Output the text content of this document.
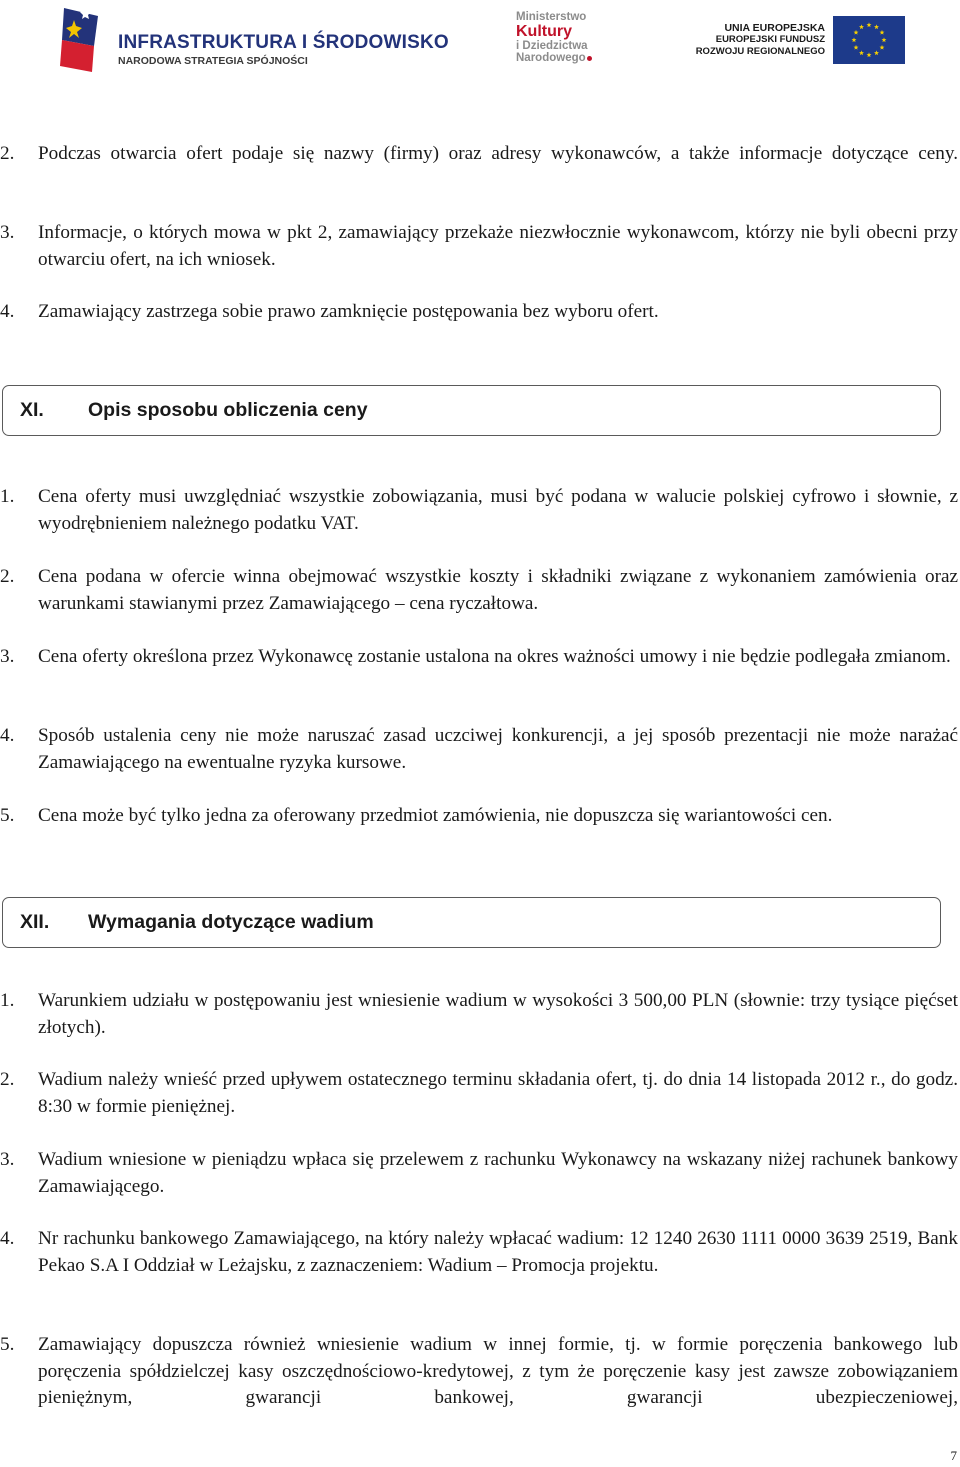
INFRASTRUKTURA I ŚRODOWISKO
NARODOWA STRATEGIA SPÓJNOŚCI
Ministerstwo
Kultury
i Dziedzictwa
Narodowego
UNIA EUROPEJSKA
EUROPEJSKI FUNDUSZ
ROZWOJU REGIONALNEGO
2. Podczas otwarcia ofert podaje się nazwy (firmy) oraz adresy wykonawców, a także informacje dotyczące ceny.
3. Informacje, o których mowa w pkt 2, zamawiający przekaże niezwłocznie wykonawcom, którzy nie byli obecni przy otwarciu ofert, na ich wniosek.
4. Zamawiający zastrzega sobie prawo zamknięcie postępowania bez wyboru ofert.
XI. Opis sposobu obliczenia ceny
1. Cena oferty musi uwzględniać wszystkie zobowiązania, musi być podana w walucie polskiej cyfrowo i słownie, z wyodrębnieniem należnego podatku VAT.
2. Cena podana w ofercie winna obejmować wszystkie koszty i składniki związane z wykonaniem zamówienia oraz warunkami stawianymi przez Zamawiającego – cena ryczałtowa.
3. Cena oferty określona przez Wykonawcę zostanie ustalona na okres ważności umowy i nie będzie podlegała zmianom.
4. Sposób ustalenia ceny nie może naruszać zasad uczciwej konkurencji, a jej sposób prezentacji nie może narażać Zamawiającego na ewentualne ryzyka kursowe.
5. Cena może być tylko jedna za oferowany przedmiot zamówienia, nie dopuszcza się wariantowości cen.
XII. Wymagania dotyczące wadium
1. Warunkiem udziału w postępowaniu jest wniesienie wadium w wysokości 3 500,00 PLN (słownie: trzy tysiące pięćset złotych).
2. Wadium należy wnieść przed upływem ostatecznego terminu składania ofert, tj. do dnia 14 listopada 2012 r., do godz. 8:30 w formie pieniężnej.
3. Wadium wniesione w pieniądzu wpłaca się przelewem z rachunku Wykonawcy na wskazany niżej rachunek bankowy Zamawiającego.
4. Nr rachunku bankowego Zamawiającego, na który należy wpłacać wadium: 12 1240 2630 1111 0000 3639 2519, Bank Pekao S.A I Oddział w Leżajsku, z zaznaczeniem: Wadium – Promocja projektu.
5. Zamawiający dopuszcza również wniesienie wadium w innej formie, tj. w formie poręczenia bankowego lub poręczenia spółdzielczej kasy oszczędnościowo-kredytowej, z tym że poręczenie kasy jest zawsze zobowiązaniem pieniężnym, gwarancji bankowej, gwarancji ubezpieczeniowej,
7
